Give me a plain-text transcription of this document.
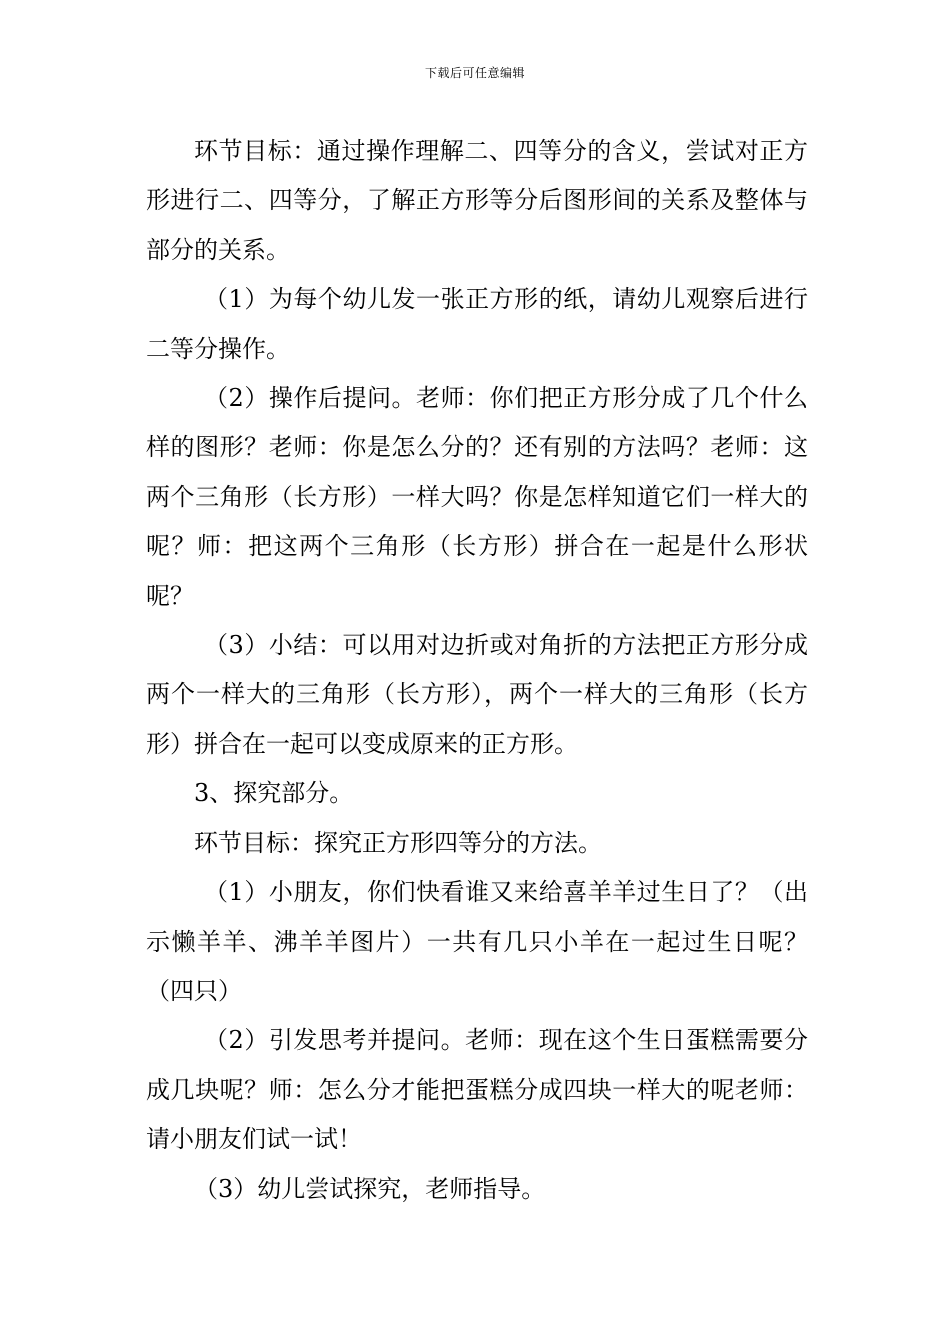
下载后可任意编辑

环节目标：通过操作理解二、四等分的含义，尝试对正方形进行二、四等分，了解正方形等分后图形间的关系及整体与部分的关系。

（1）为每个幼儿发一张正方形的纸，请幼儿观察后进行二等分操作。

（2）操作后提问。老师：你们把正方形分成了几个什么样的图形？老师：你是怎么分的？还有别的方法吗？老师：这两个三角形（长方形）一样大吗？你是怎样知道它们一样大的呢？师：把这两个三角形（长方形）拼合在一起是什么形状呢？

（3）小结：可以用对边折或对角折的方法把正方形分成两个一样大的三角形（长方形），两个一样大的三角形（长方形）拼合在一起可以变成原来的正方形。

3、探究部分。

环节目标：探究正方形四等分的方法。

（1）小朋友，你们快看谁又来给喜羊羊过生日了？（出示懒羊羊、沸羊羊图片）一共有几只小羊在一起过生日呢？（四只）

（2）引发思考并提问。老师：现在这个生日蛋糕需要分成几块呢？师：怎么分才能把蛋糕分成四块一样大的呢老师：请小朋友们试一试！

（3）幼儿尝试探究，老师指导。
